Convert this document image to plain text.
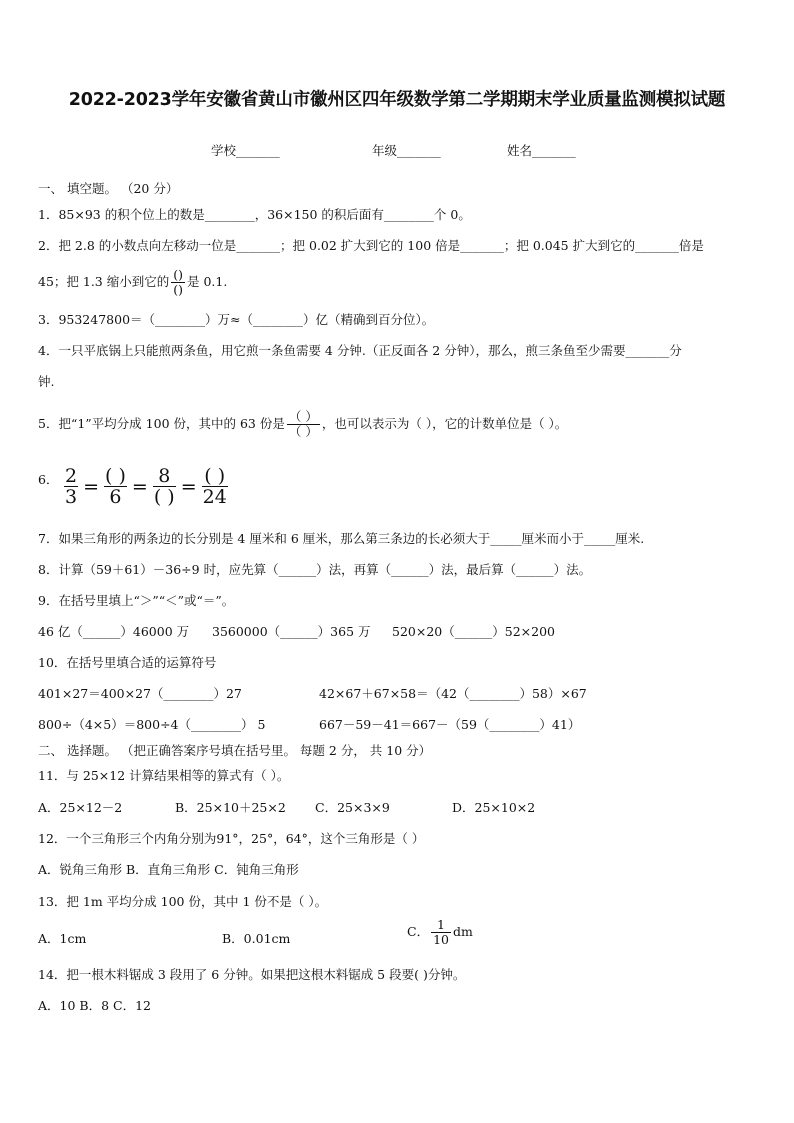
2022-2023学年安徽省黄山市徽州区四年级数学第二学期期末学业质量监测模拟试题
学校_______	年级_______	姓名_______
一、 填空题。 （20 分）
1．85×93 的积个位上的数是________，36×150 的积后面有________个 0。
2．把 2.8 的小数点向左移动一位是_______；把 0.02 扩大到它的 100 倍是_______；把 0.045 扩大到它的_______倍是
45；把 1.3 缩小到它的 $\frac{()}{()}$ 是 0.1.
3．953247800＝（________）万≈（________）亿（精确到百分位）。
4．一只平底锅上只能煎两条鱼，用它煎一条鱼需要 4 分钟.（正反面各 2 分钟），那么，煎三条鱼至少需要_______分
钟.
5．把“1”平均分成 100 份，其中的 63 份是 $\frac{( )}{( )}$ ，也可以表示为（ ），它的计数单位是（ ）。
6． $\frac{2}{3} = \frac{( )}{6} = \frac{8}{( )} = \frac{( )}{24}$
7．如果三角形的两条边的长分别是 4 厘米和 6 厘米，那么第三条边的长必须大于_____厘米而小于_____厘米.
8．计算（59＋61）－36÷9 时，应先算（______）法，再算（______）法，最后算（______）法。
9．在括号里填上“＞”“＜”或“＝”。
46 亿（______）46000 万 3560000（______）365 万 520×20（______）52×200
10．在括号里填合适的运算符号
401×27＝400×27（________）27	42×67＋67×58＝（42（________）58）×67
800÷（4×5）＝800÷4（________） 5	667－59－41＝667－（59（________）41）
二、 选择题。 （把正确答案序号填在括号里。 每题 2 分， 共 10 分）
11．与 25×12 计算结果相等的算式有（ ）。
A．25×12－2	B．25×10＋25×2 C．25×3×9	D．25×10×2
12．一个三角形三个内角分别为91°，25°，64°，这个三角形是（ ）
A．锐角三角形 B．直角三角形 C．钝角三角形
13．把 1m 平均分成 100 份，其中 1 份不是（ ）。
A．1cm	B．0.01cm	C． $\frac{1}{10}$ dm
14．把一根木料锯成 3 段用了 6 分钟。如果把这根木料锯成 5 段要( )分钟。
A．10 B．8 C．12
